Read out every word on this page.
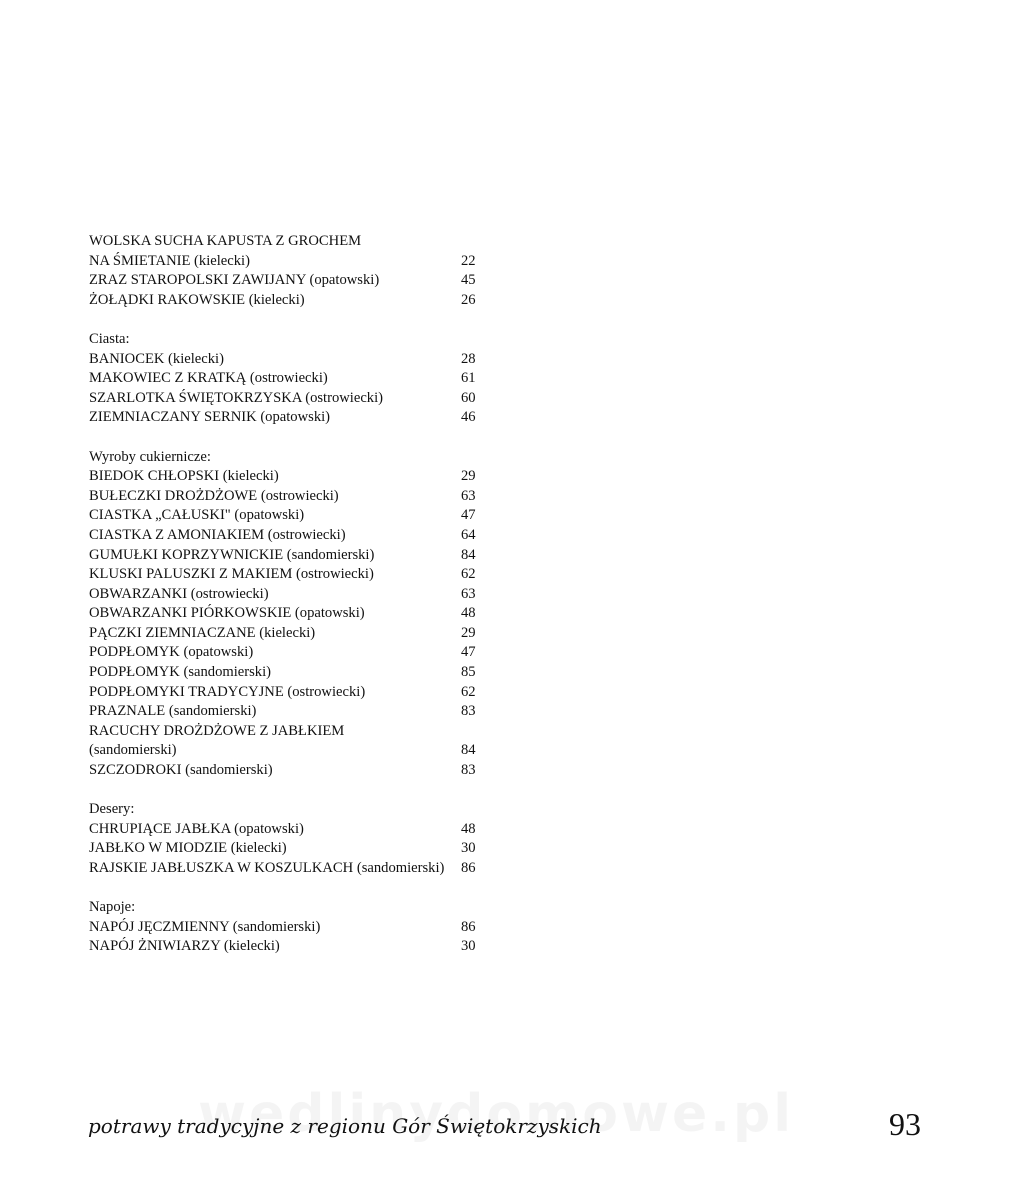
WOLSKA SUCHA KAPUSTA Z GROCHEM
NA ŚMIETANIE (kielecki)	22
ZRAZ STAROPOLSKI ZAWIJANY (opatowski)	45
ŻOŁĄDKI RAKOWSKIE (kielecki)	26
Ciasta:
BANIOCEK (kielecki)	28
MAKOWIEC Z KRATKĄ (ostrowiecki)	61
SZARLOTKA ŚWIĘTOKRZYSKA (ostrowiecki)	60
ZIEMNIACZANY SERNIK (opatowski)	46
Wyroby cukiernicze:
BIEDOK CHŁOPSKI (kielecki)	29
BUŁECZKI DROŻDŻOWE (ostrowiecki)	63
CIASTKA „CAŁUSKI" (opatowski)	47
CIASTKA Z AMONIAKIEM (ostrowiecki)	64
GUMUŁKI KOPRZYWNICKIE (sandomierski)	84
KLUSKI PALUSZKI Z MAKIEM (ostrowiecki)	62
OBWARZANKI (ostrowiecki)	63
OBWARZANKI PIÓRKOWSKIE (opatowski)	48
PĄCZKI ZIEMNIACZANE (kielecki)	29
PODPŁOMYK (opatowski)	47
PODPŁOMYK (sandomierski)	85
PODPŁOMYKI TRADYCYJNE (ostrowiecki)	62
PRAZNALE (sandomierski)	83
RACUCHY DROŻDŻOWE Z JABŁKIEM
(sandomierski)	84
SZCZODROKI (sandomierski)	83
Desery:
CHRUPIĄCE JABŁKA (opatowski)	48
JABŁKO W MIODZIE (kielecki)	30
RAJSKIE JABŁUSZKA W KOSZULKACH (sandomierski) 86
Napoje:
NAPÓJ JĘCZMIENNY (sandomierski)	86
NAPÓJ ŻNIWIARZY (kielecki)	30
potrawy tradycyjne z regionu Gór Świętokrzyskich	93
